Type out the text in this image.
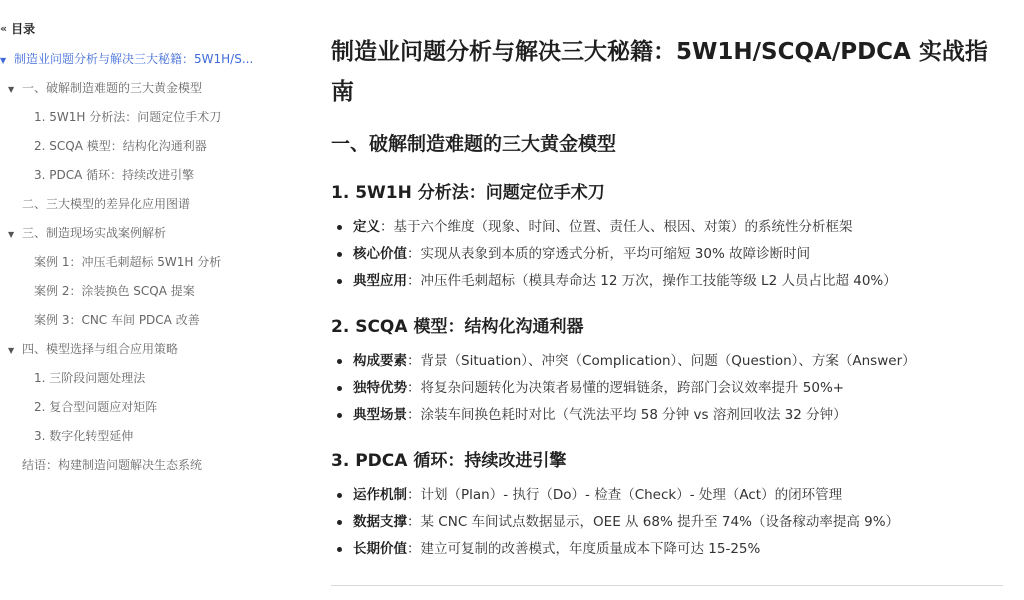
« 目录
▼ 制造业问题分析与解决三大秘籍：5W1H/S...
▼ 一、破解制造难题的三大黄金模型
1. 5W1H 分析法：问题定位手术刀
2. SCQA 模型：结构化沟通利器
3. PDCA 循环：持续改进引擎
二、三大模型的差异化应用图谱
▼ 三、制造现场实战案例解析
案例 1：冲压毛刺超标 5W1H 分析
案例 2：涂装换色 SCQA 提案
案例 3：CNC 车间 PDCA 改善
▼ 四、模型选择与组合应用策略
1. 三阶段问题处理法
2. 复合型问题应对矩阵
3. 数字化转型延伸
结语：构建制造问题解决生态系统
制造业问题分析与解决三大秘籍：5W1H/SCQA/PDCA 实战指南
一、破解制造难题的三大黄金模型
1. 5W1H 分析法：问题定位手术刀
定义：基于六个维度（现象、时间、位置、责任人、根因、对策）的系统性分析框架
核心价值：实现从表象到本质的穿透式分析，平均可缩短 30% 故障诊断时间
典型应用：冲压件毛刺超标（模具寿命达 12 万次，操作工技能等级 L2 人员占比超 40%）
2. SCQA 模型：结构化沟通利器
构成要素：背景（Situation）、冲突（Complication）、问题（Question）、方案（Answer）
独特优势：将复杂问题转化为决策者易懂的逻辑链条，跨部门会议效率提升 50%+
典型场景：涂装车间换色耗时对比（气洗法平均 58 分钟 vs 溶剂回收法 32 分钟）
3. PDCA 循环：持续改进引擎
运作机制：计划（Plan）- 执行（Do）- 检查（Check）- 处理（Act）的闭环管理
数据支撑：某 CNC 车间试点数据显示，OEE 从 68% 提升至 74%（设备稼动率提高 9%）
长期价值：建立可复制的改善模式，年度质量成本下降可达 15-25%
